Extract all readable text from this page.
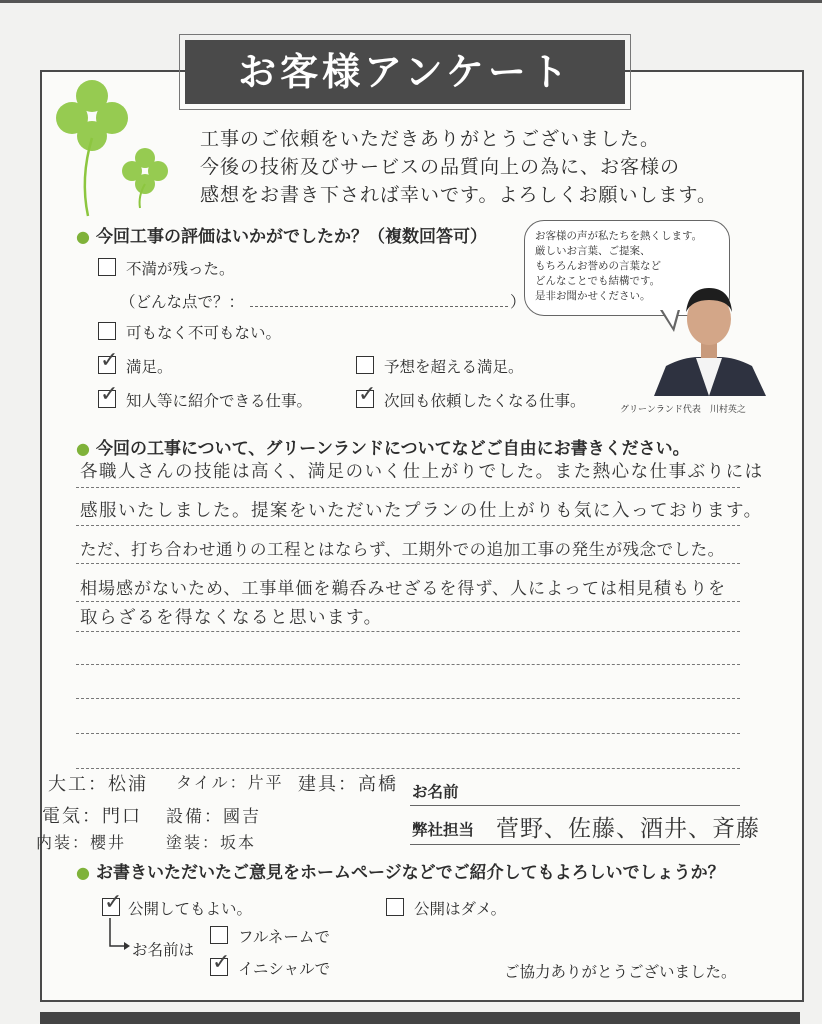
お客様アンケート
工事のご依頼をいただきありがとうございました。
今後の技術及びサービスの品質向上の為に、お客様の
感想をお書き下されば幸いです。よろしくお願いします。
お客様の声が私たちを熱くします。
厳しいお言葉、ご提案、
もちろんお誉めの言葉など
どんなことでも結構です。
是非お聞かせください。
グリーンランド代表　川村英之
● 今回工事の評価はいかがでしたか？（複数回答可）
不満が残った。
（どんな点で？：	）
可もなく不可もない。
✓ 満足。	予想を超える満足。
✓ 知人等に紹介できる仕事。 ✓ 次回も依頼したくなる仕事。
● 今回の工事について、グリーンランドについてなどご自由にお書きください。
各職人さんの技能は高く、満足のいく仕上がりでした。また熱心な仕事ぶりには
感服いたしました。提案をいただいたプランの仕上がりも気に入っております。
ただ、打ち合わせ通りの工程とはならず、工期外での追加工事の発生が残念でした。
相場感がないため、工事単価を鵜呑みせざるを得ず、人によっては相見積もりを
取らざるを得なくなると思います。
大工：松浦 タイル：片平 建具：高橋
電気：門口 設備：國吉
内装：櫻井 塗装：坂本
お名前
弊社担当 菅野、佐藤、酒井、斉藤
● お書きいただいたご意見をホームページなどでご紹介してもよろしいでしょうか？
✓ 公開してもよい。	公開はダメ。
お名前は
フルネームで
✓ イニシャルで	ご協力ありがとうございました。
